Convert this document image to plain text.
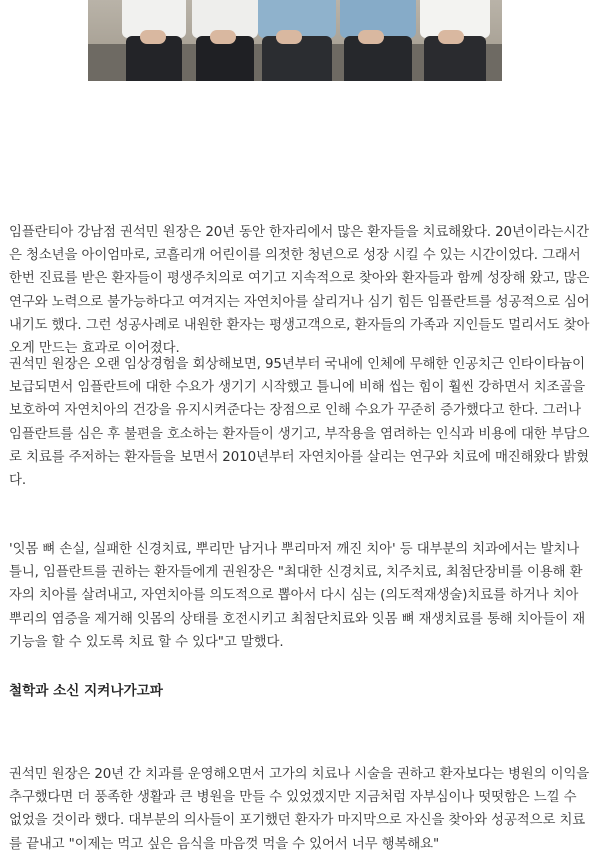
임플란티아 강남점 권석민 원장은 20년 동안 한자리에서 많은 환자들을 치료해왔다. 20년이라는시간은 청소년을 아이엄마로, 코흘리개 어린이를 의젓한 청년으로 성장 시킬 수 있는 시간이었다. 그래서 한번 진료를 받은 환자들이 평생주치의로 여기고 지속적으로 찾아와 환자들과 함께 성장해 왔고, 많은 연구와 노력으로 불가능하다고 여겨지는 자연치아를 살리거나 심기 힘든 임플란트를 성공적으로 심어 내기도 했다. 그런 성공사례로 내원한 환자는 평생고객으로, 환자들의 가족과 지인들도 멀리서도 찾아오게 만드는 효과로 이어졌다.

권석민 원장은 오랜 임상경험을 회상해보면, 95년부터 국내에 인체에 무해한 인공치근 인타이타늄이 보급되면서 임플란트에 대한 수요가 생기기 시작했고 틀니에 비해 씹는 힘이 훨씬 강하면서 치조골을 보호하여 자연치아의 건강을 유지시켜준다는 장점으로 인해 수요가 꾸준히 증가했다고 한다. 그러나 임플란트를 심은 후 불편을 호소하는 환자들이 생기고, 부작용을 염려하는 인식과 비용에 대한 부담으로 치료를 주저하는 환자들을 보면서 2010년부터 자연치아를 살리는 연구와 치료에 매진해왔다 밝혔다.

'잇몸 뼈 손실, 실패한 신경치료, 뿌리만 남거나 뿌리마저 깨진 치아' 등 대부분의 치과에서는 발치나 틀니, 임플란트를 권하는 환자들에게 권원장은 "최대한 신경치료, 치주치료, 최첨단장비를 이용해 환자의 치아를 살려내고, 자연치아를 의도적으로 뽑아서 다시 심는 (의도적재생술)치료를 하거나 치아뿌리의 염증을 제거해 잇몸의 상태를 호전시키고 최첨단치료와 잇몸 뼈 재생치료를 통해 치아들이 재 기능을 할 수 있도록 치료 할 수 있다"고 말했다.

철학과 소신 지켜나가고파

권석민 원장은 20년 간 치과를 운영해오면서 고가의 치료나 시술을 권하고 환자보다는 병원의 이익을 추구했다면 더 풍족한 생활과 큰 병원을 만들 수 있었겠지만 지금처럼 자부심이나 떳떳함은 느낄 수 없었을 것이라 했다. 대부분의 의사들이 포기했던 환자가 마지막으로 자신을 찾아와 성공적으로 치료를 끝내고 "이제는 먹고 싶은 음식을 마음껏 먹을 수 있어서 너무 행복해요"
